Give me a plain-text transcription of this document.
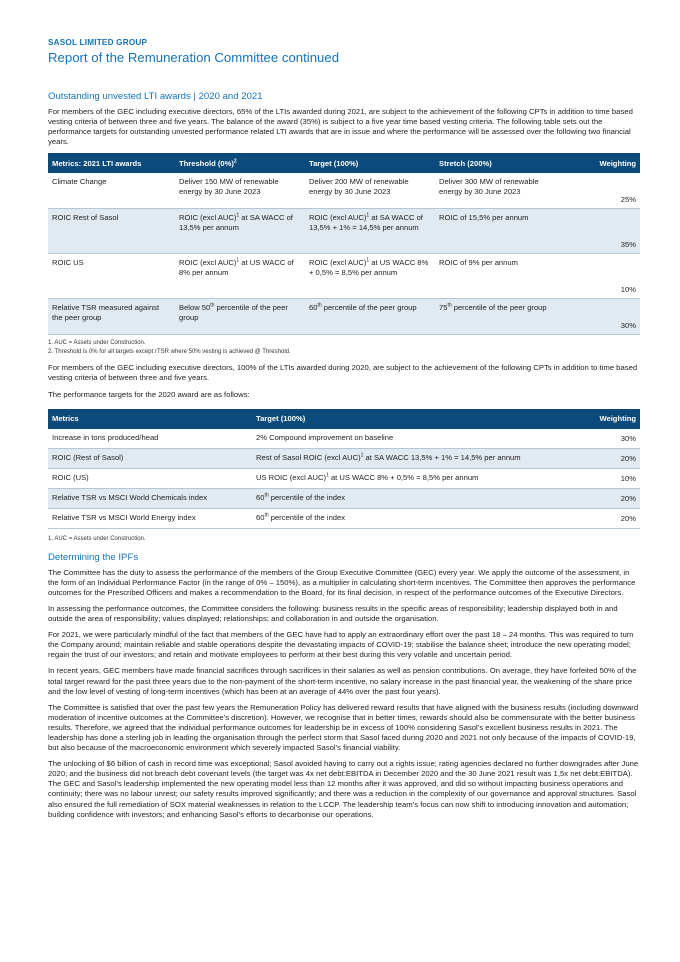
SASOL LIMITED GROUP
Report of the Remuneration Committee continued
Outstanding unvested LTI awards | 2020 and 2021

For members of the GEC including executive directors, 65% of the LTIs awarded during 2021, are subject to the achievement of the following CPTs in addition to time based vesting criteria of between three and five years. The balance of the award (35%) is subject to a five year time based vesting criteria. The following table sets out the performance targets for outstanding unvested performance related LTI awards that are in issue and where the performance will be assessed over the following two financial years.

Metrics: 2021 LTI awards	Threshold $(0\%)^2$	Target (100%)	Stretch (200%)	Weighting
Climate Change	Deliver 150 MW of renewable energy by 30 June 2023	Deliver 200 MW of renewable energy by 30 June 2023	Deliver 300 MW of renewable energy by 30 June 2023	25%
ROIC Rest of Sasol	ROIC (excl AUC)$^1$ at SA WACC of 13,5% per annum	ROIC (excl AUC)$^1$ at SA WACC of 13,5% + 1% = 14,5% per annum	ROIC of 15,5% per annum	35%
ROIC US	ROIC (excl AUC)$^1$ at US WACC of 8% per annum	ROIC (excl AUC)$^1$ at US WACC 8% + 0,5% = 8,5% per annum	ROIC of 9% per annum	10%
Relative TSR measured against the peer group	Below 50th percentile of the peer group	60th percentile of the peer group	75th percentile of the peer group	30%
1. AUC = Assets under Construction.
2. Threshold is 0% for all targets except rTSR where 50% vesting is achieved @ Threshold.

For members of the GEC including executive directors, 100% of the LTIs awarded during 2020, are subject to the achievement of the following CPTs in addition to time based vesting criteria of between three and five years.

The performance targets for the 2020 award are as follows:

Metrics	Target (100%)	Weighting
Increase in tons produced/head	2% Compound improvement on baseline	30%
ROIC (Rest of Sasol)	Rest of Sasol ROIC (excl AUC)$^1$ at SA WACC 13,5% + 1% = 14,5% per annum	20%
ROIC (US)	US ROIC (excl AUC)$^1$ at US WACC 8% + 0,5% = 8,5% per annum	10%
Relative TSR vs MSCI World Chemicals index	60th percentile of the index	20%
Relative TSR vs MSCI World Energy index	60th percentile of the index	20%
1. AUC = Assets under Construction.
Determining the IPFs

The Committee has the duty to assess the performance of the members of the Group Executive Committee (GEC) every year. We apply the outcome of the assessment, in the form of an Individual Performance Factor (in the range of 0% – 150%), as a multiplier in calculating short-term incentives. The Committee then approves the performance outcomes for the Prescribed Officers and makes a recommendation to the Board, for its final decision, in respect of the performance outcomes of the Executive Directors.

In assessing the performance outcomes, the Committee considers the following: business results in the specific areas of responsibility; leadership displayed both in and outside the area of responsibility; values displayed; relationships; and collaboration in and outside the organisation.

For 2021, we were particularly mindful of the fact that members of the GEC have had to apply an extraordinary effort over the past 18 – 24 months. This was required to turn the Company around; maintain reliable and stable operations despite the devastating impacts of COVID-19; stabilise the balance sheet; introduce the new operating model; regain the trust of our investors; and retain and motivate employees to perform at their best during this very volatile and uncertain period.

In recent years, GEC members have made financial sacrifices through sacrifices in their salaries as well as pension contributions. On average, they have forfeited 50% of the total target reward for the past three years due to the non-payment of the short-term incentive, no salary increase in the past financial year, the weakening of the share price and the low level of vesting of long-term incentives (which has been at an average of 44% over the past four years).

The Committee is satisfied that over the past few years the Remuneration Policy has delivered reward results that have aligned with the business results (including downward moderation of incentive outcomes at the Committee’s discretion). However, we recognise that in better times, rewards should also be commensurate with the better business results. Therefore, we agreed that the individual performance outcomes for leadership be in excess of 100% considering Sasol’s excellent business results in 2021. The leadership has done a sterling job in leading the organisation through the perfect storm that Sasol faced during 2020 and 2021 not only because of the impacts of COVID-19, but also because of the macroeconomic environment which severely impacted Sasol’s financial viability.

The unlocking of $6 billion of cash in record time was exceptional; Sasol avoided having to carry out a rights issue; rating agencies declared no further downgrades after June 2020; and the business did not breach debt covenant levels (the target was 4x net debt:EBITDA in December 2020 and the 30 June 2021 result was 1,5x net debt:EBITDA). The GEC and Sasol’s leadership implemented the new operating model less than 12 months after it was approved, and did so without impacting business operations and continuity; there was no labour unrest; our safety results improved significantly; and there was a reduction in the complexity of our governance and approval structures. Sasol also ensured the full remediation of SOX material weaknesses in relation to the LCCP. The leadership team’s focus can now shift to introducing innovation and automation; building confidence with investors; and enhancing Sasol’s efforts to decarbonise our operations.
